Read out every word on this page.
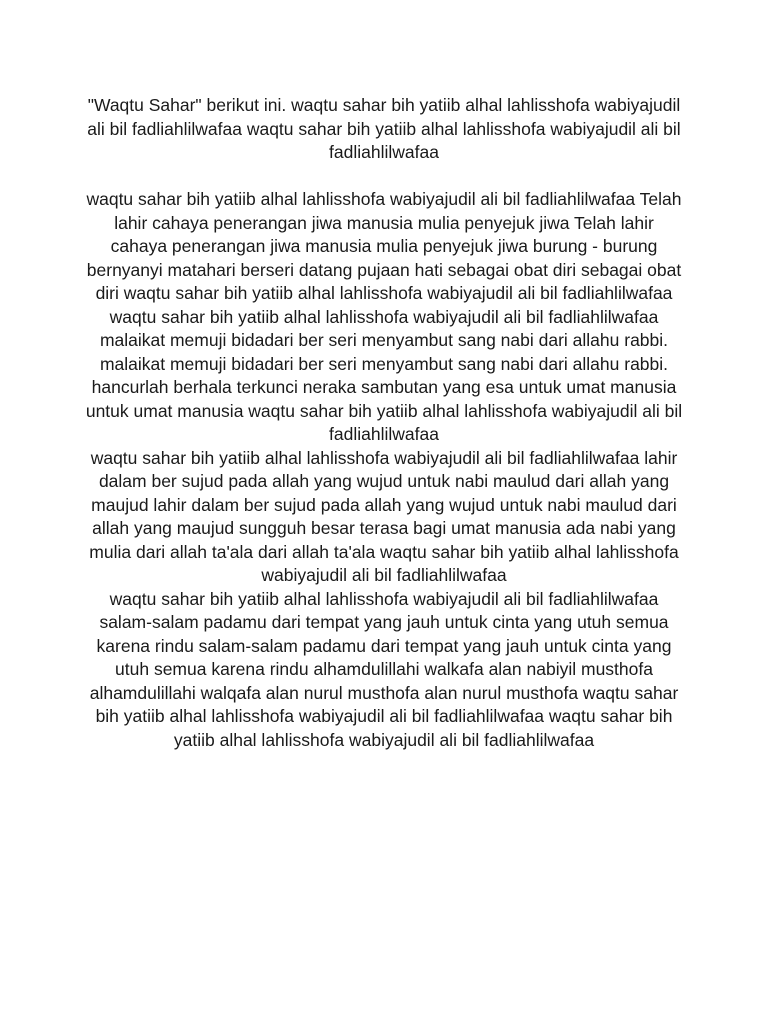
"Waqtu Sahar" berikut ini. waqtu sahar bih yatiib alhal lahlisshofa wabiyajudil ali bil fadliahlilwafaa waqtu sahar bih yatiib alhal lahlisshofa wabiyajudil ali bil fadliahlilwafaa

waqtu sahar bih yatiib alhal lahlisshofa wabiyajudil ali bil fadliahlilwafaa Telah lahir cahaya penerangan jiwa manusia mulia penyejuk jiwa Telah lahir cahaya penerangan jiwa manusia mulia penyejuk jiwa burung - burung bernyanyi matahari berseri datang pujaan hati sebagai obat diri sebagai obat diri waqtu sahar bih yatiib alhal lahlisshofa wabiyajudil ali bil fadliahlilwafaa

waqtu sahar bih yatiib alhal lahlisshofa wabiyajudil ali bil fadliahlilwafaa malaikat memuji bidadari ber seri menyambut sang nabi dari allahu rabbi. malaikat memuji bidadari ber seri menyambut sang nabi dari allahu rabbi. hancurlah berhala terkunci neraka sambutan yang esa untuk umat manusia untuk umat manusia waqtu sahar bih yatiib alhal lahlisshofa wabiyajudil ali bil fadliahlilwafaa

waqtu sahar bih yatiib alhal lahlisshofa wabiyajudil ali bil fadliahlilwafaa lahir dalam ber sujud pada allah yang wujud untuk nabi maulud dari allah yang maujud lahir dalam ber sujud pada allah yang wujud untuk nabi maulud dari allah yang maujud sungguh besar terasa bagi umat manusia ada nabi yang mulia dari allah ta'ala dari allah ta'ala waqtu sahar bih yatiib alhal lahlisshofa wabiyajudil ali bil fadliahlilwafaa

waqtu sahar bih yatiib alhal lahlisshofa wabiyajudil ali bil fadliahlilwafaa salam-salam padamu dari tempat yang jauh untuk cinta yang utuh semua karena rindu salam-salam padamu dari tempat yang jauh untuk cinta yang utuh semua karena rindu alhamdulillahi walkafa alan nabiyil musthofa alhamdulillahi walqafa alan nurul musthofa alan nurul musthofa waqtu sahar bih yatiib alhal lahlisshofa wabiyajudil ali bil fadliahlilwafaa waqtu sahar bih yatiib alhal lahlisshofa wabiyajudil ali bil fadliahlilwafaa
